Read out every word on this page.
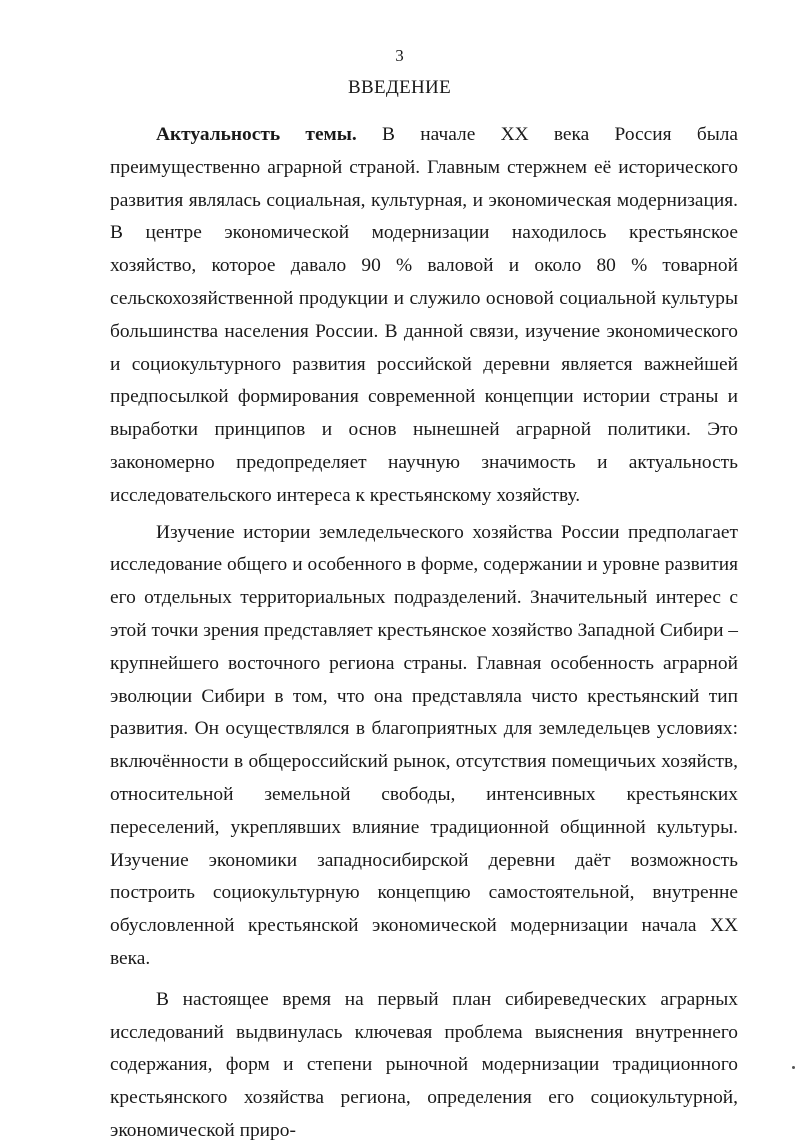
3
ВВЕДЕНИЕ

Актуальность темы. В начале XX века Россия была преимущественно аграрной страной. Главным стержнем её исторического развития являлась социальная, культурная, и экономическая модернизация. В центре экономической модернизации находилось крестьянское хозяйство, которое давало 90 % валовой и около 80 % товарной сельскохозяйственной продукции и служило основой социальной культуры большинства населения России. В данной связи, изучение экономического и социокультурного развития российской деревни является важнейшей предпосылкой формирования современной концепции истории страны и выработки принципов и основ нынешней аграрной политики. Это закономерно предопределяет научную значимость и актуальность исследовательского интереса к крестьянскому хозяйству.

Изучение истории земледельческого хозяйства России предполагает исследование общего и особенного в форме, содержании и уровне развития его отдельных территориальных подразделений. Значительный интерес с этой точки зрения представляет крестьянское хозяйство Западной Сибири – крупнейшего восточного региона страны. Главная особенность аграрной эволюции Сибири в том, что она представляла чисто крестьянский тип развития. Он осуществлялся в благоприятных для земледельцев условиях: включённости в общероссийский рынок, отсутствия помещичьих хозяйств, относительной земельной свободы, интенсивных крестьянских переселений, укреплявших влияние традиционной общинной культуры. Изучение экономики западносибирской деревни даёт возможность построить социокультурную концепцию самостоятельной, внутренне обусловленной крестьянской экономической модернизации начала XX века.

В настоящее время на первый план сибиреведческих аграрных исследований выдвинулась ключевая проблема выяснения внутреннего содержания, форм и степени рыночной модернизации традиционного крестьянского хозяйства региона, определения его социокультурной, экономической приро-
